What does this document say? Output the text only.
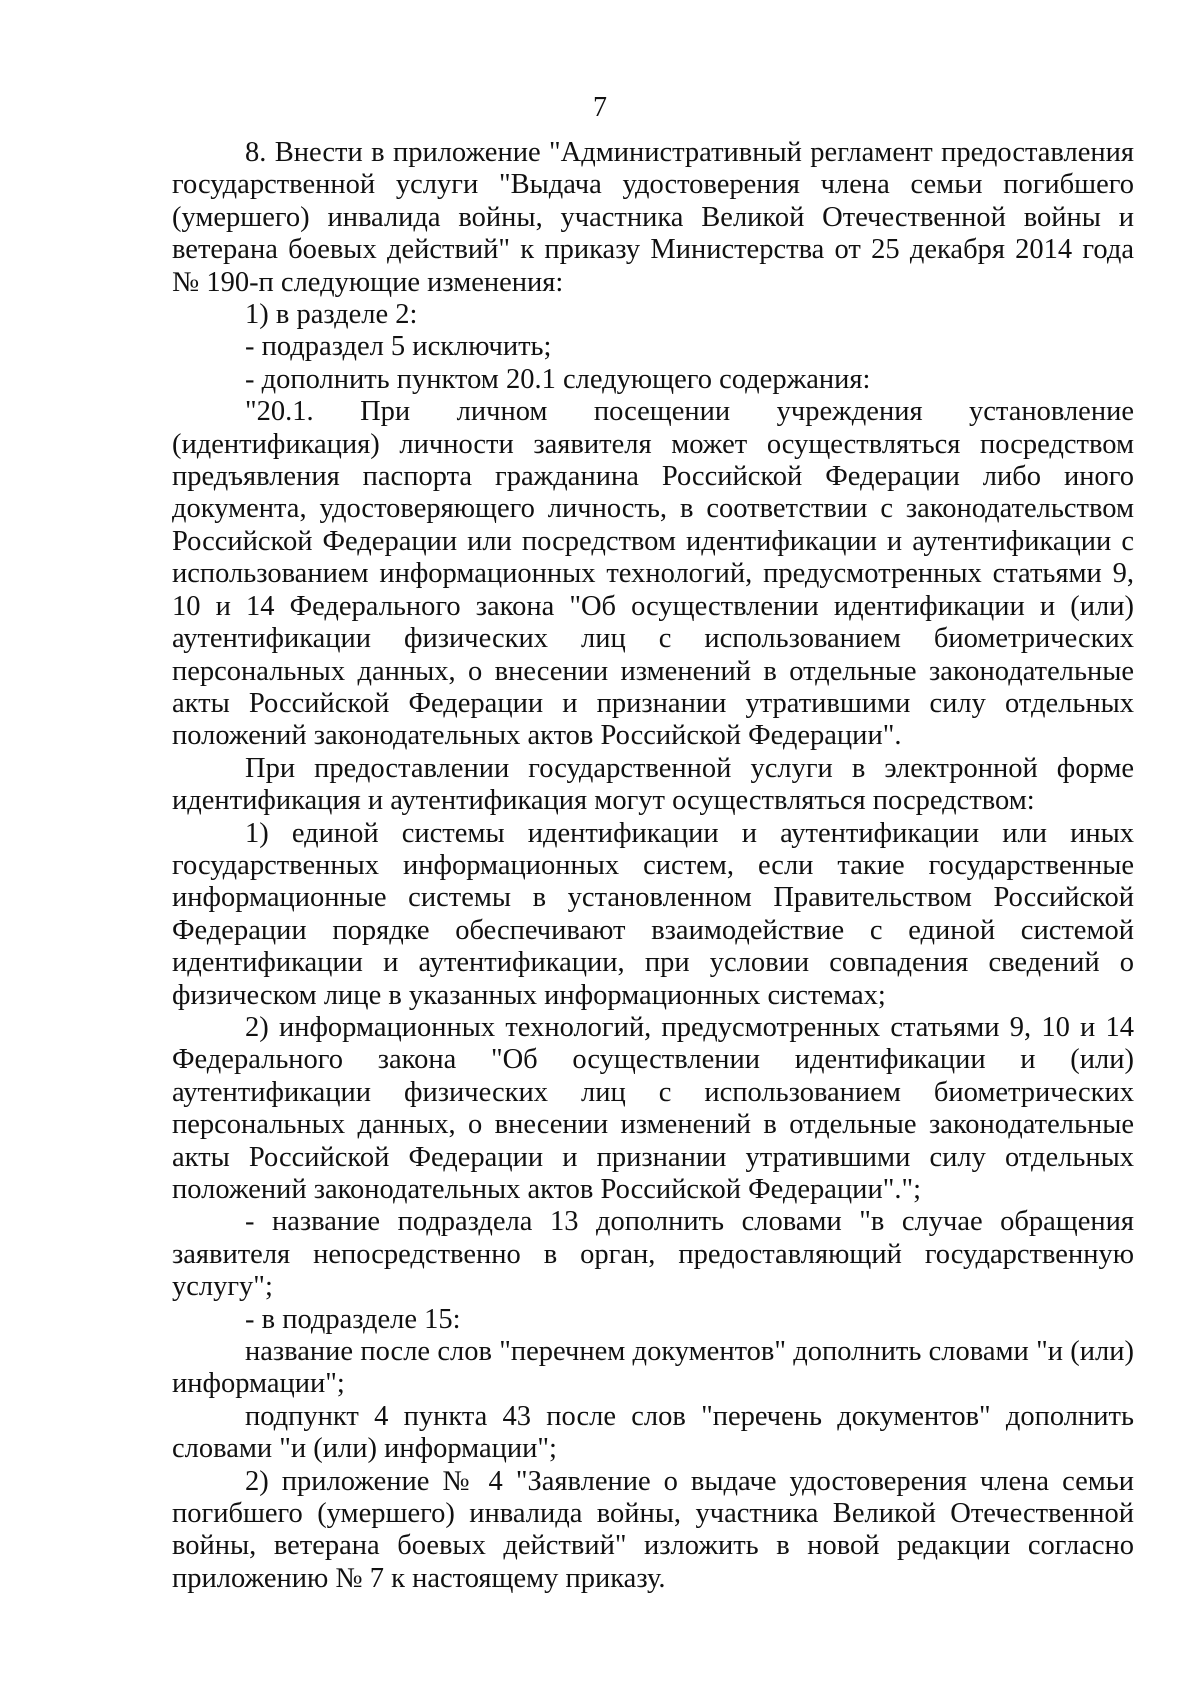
7

8. Внести в приложение "Административный регламент предоставления государственной услуги "Выдача удостоверения члена семьи погибшего (умершего) инвалида войны, участника Великой Отечественной войны и ветерана боевых действий" к приказу Министерства от 25 декабря 2014 года № 190-п следующие изменения:

1) в разделе 2:

- подраздел 5 исключить;

- дополнить пунктом 20.1 следующего содержания:

"20.1. При личном посещении учреждения установление (идентификация) личности заявителя может осуществляться посредством предъявления паспорта гражданина Российской Федерации либо иного документа, удостоверяющего личность, в соответствии с законодательством Российской Федерации или посредством идентификации и аутентификации с использованием информационных технологий, предусмотренных статьями 9, 10 и 14 Федерального закона "Об осуществлении идентификации и (или) аутентификации физических лиц с использованием биометрических персональных данных, о внесении изменений в отдельные законодательные акты Российской Федерации и признании утратившими силу отдельных положений законодательных актов Российской Федерации".

При предоставлении государственной услуги в электронной форме идентификация и аутентификация могут осуществляться посредством:

1) единой системы идентификации и аутентификации или иных государственных информационных систем, если такие государственные информационные системы в установленном Правительством Российской Федерации порядке обеспечивают взаимодействие с единой системой идентификации и аутентификации, при условии совпадения сведений о физическом лице в указанных информационных системах;

2) информационных технологий, предусмотренных статьями 9, 10 и 14 Федерального закона "Об осуществлении идентификации и (или) аутентификации физических лиц с использованием биометрических персональных данных, о внесении изменений в отдельные законодательные акты Российской Федерации и признании утратившими силу отдельных положений законодательных актов Российской Федерации".";

- название подраздела 13 дополнить словами "в случае обращения заявителя непосредственно в орган, предоставляющий государственную услугу";

- в подразделе 15:

название после слов "перечнем документов" дополнить словами "и (или) информации";

подпункт 4 пункта 43 после слов "перечень документов" дополнить словами "и (или) информации";

2) приложение № 4 "Заявление о выдаче удостоверения члена семьи погибшего (умершего) инвалида войны, участника Великой Отечественной войны, ветерана боевых действий" изложить в новой редакции согласно приложению № 7 к настоящему приказу.
